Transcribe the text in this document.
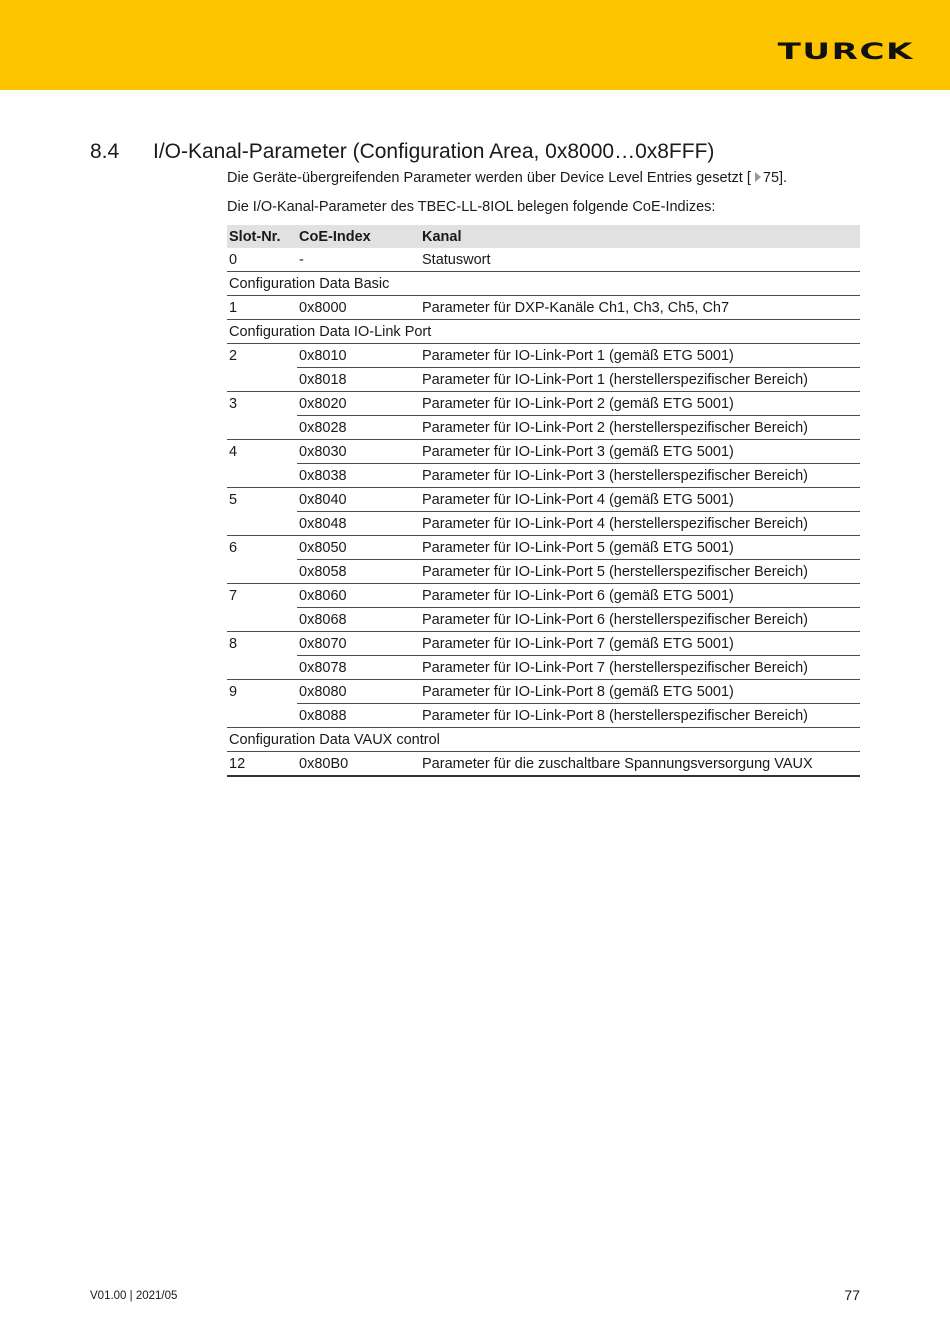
TURCK
8.4 I/O-Kanal-Parameter (Configuration Area, 0x8000…0x8FFF)
Die Geräte-übergreifenden Parameter werden über Device Level Entries gesetzt [ 75].
Die I/O-Kanal-Parameter des TBEC-LL-8IOL belegen folgende CoE-Indizes:
Slot-Nr.	CoE-Index	Kanal
0	-	Statuswort
Configuration Data Basic		
1	0x8000	Parameter für DXP-Kanäle Ch1, Ch3, Ch5, Ch7
Configuration Data IO-Link Port		
2	0x8010	Parameter für IO-Link-Port 1 (gemäß ETG 5001)
	0x8018	Parameter für IO-Link-Port 1 (herstellerspezifischer Bereich)
3	0x8020	Parameter für IO-Link-Port 2 (gemäß ETG 5001)
	0x8028	Parameter für IO-Link-Port 2 (herstellerspezifischer Bereich)
4	0x8030	Parameter für IO-Link-Port 3 (gemäß ETG 5001)
	0x8038	Parameter für IO-Link-Port 3 (herstellerspezifischer Bereich)
5	0x8040	Parameter für IO-Link-Port 4 (gemäß ETG 5001)
	0x8048	Parameter für IO-Link-Port 4 (herstellerspezifischer Bereich)
6	0x8050	Parameter für IO-Link-Port 5 (gemäß ETG 5001)
	0x8058	Parameter für IO-Link-Port 5 (herstellerspezifischer Bereich)
7	0x8060	Parameter für IO-Link-Port 6 (gemäß ETG 5001)
	0x8068	Parameter für IO-Link-Port 6 (herstellerspezifischer Bereich)
8	0x8070	Parameter für IO-Link-Port 7 (gemäß ETG 5001)
	0x8078	Parameter für IO-Link-Port 7 (herstellerspezifischer Bereich)
9	0x8080	Parameter für IO-Link-Port 8 (gemäß ETG 5001)
	0x8088	Parameter für IO-Link-Port 8 (herstellerspezifischer Bereich)
Configuration Data VAUX control		
12	0x80B0	Parameter für die zuschaltbare Spannungsversorgung VAUX
V01.00 | 2021/05	77
